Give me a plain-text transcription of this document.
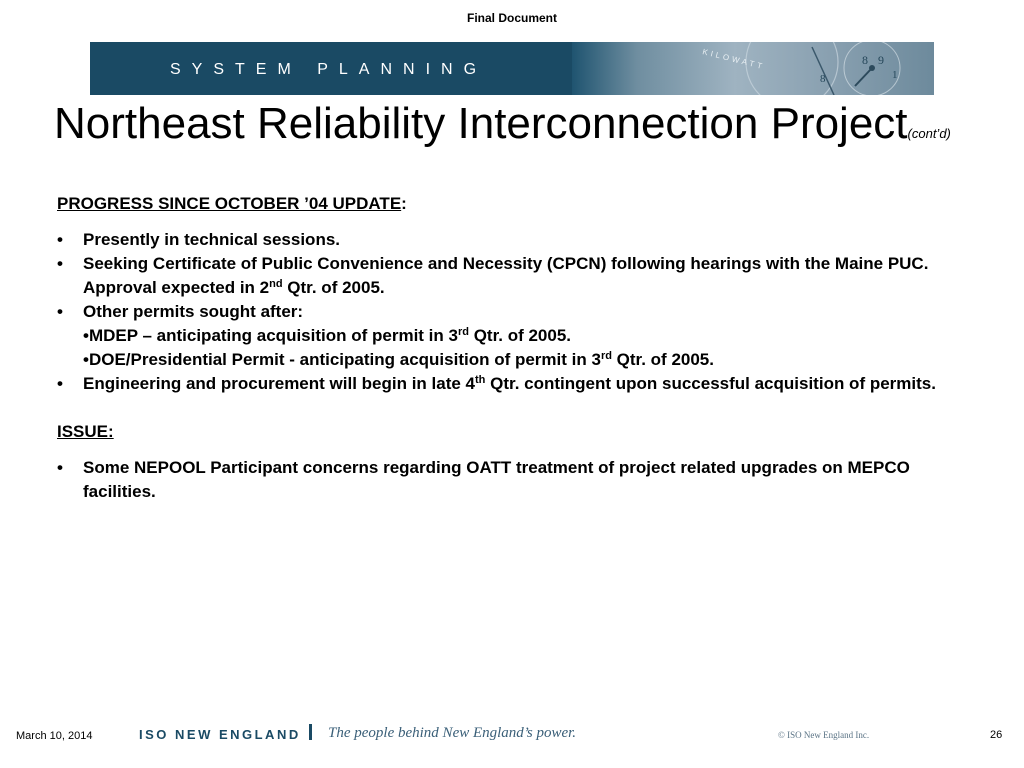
Final Document
SYSTEM PLANNING
8 9
8	1
KILOWATT
Northeast Reliability Interconnection Project(cont’d)
PROGRESS SINCE OCTOBER ’04 UPDATE:
• Presently in technical sessions.
• Seeking Certificate of Public Convenience and Necessity (CPCN) following hearings with the Maine PUC. Approval expected in 2nd Qtr. of 2005.
• Other permits sought after:
•MDEP – anticipating acquisition of permit in 3rd Qtr. of 2005.
•DOE/Presidential Permit - anticipating acquisition of permit in 3rd Qtr. of 2005.
• Engineering and procurement will begin in late 4th Qtr. contingent upon successful acquisition of permits.
ISSUE:
• Some NEPOOL Participant concerns regarding OATT treatment of project related upgrades on MEPCO facilities.
March 10, 2014	ISO NEW ENGLAND The people behind New England’s power.	© ISO New England Inc.	26
